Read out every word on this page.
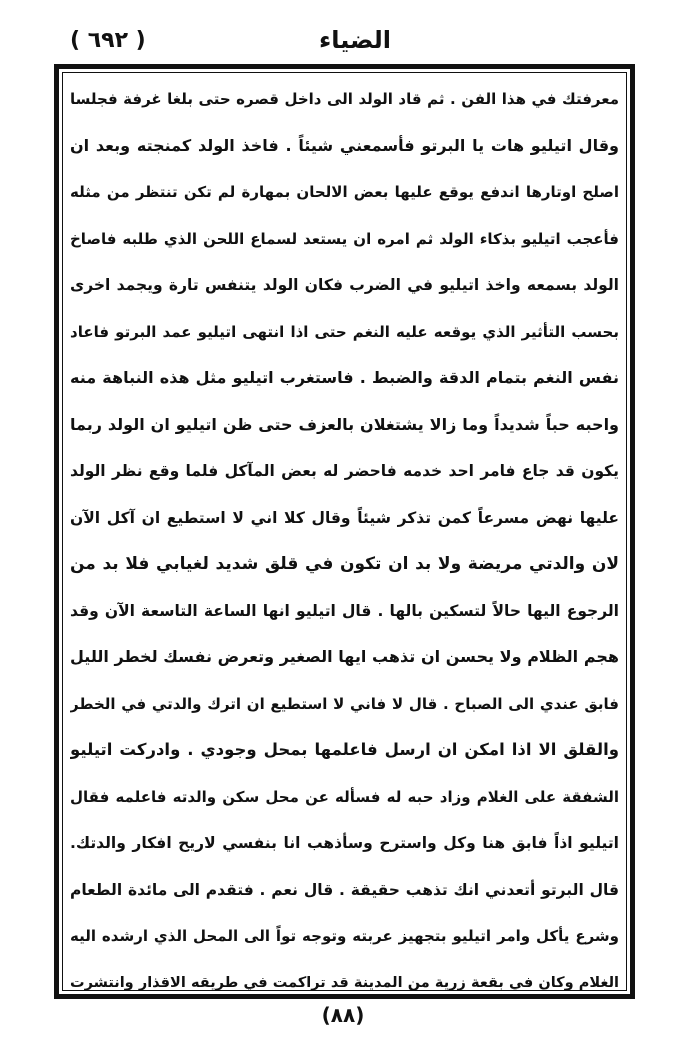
( ٦٩٢ )	الضياء
معرفتك في هذا الفن . ثم قاد الولد الى داخل قصره حتى بلغا غرفة فجلسا
وقال اتيليو هات يا البرتو فأسمعني شيئاً . فاخذ الولد كمنجته وبعد ان
اصلح اوتارها اندفع يوقع عليها بعض الالحان بمهارة لم تكن تنتظر من مثله
فأعجب اتيليو بذكاء الولد ثم امره ان يستعد لسماع اللحن الذي طلبه فاصاخ
الولد بسمعه واخذ اتيليو في الضرب فكان الولد يتنفس تارة ويجمد اخرى
بحسب التأثير الذي يوقعه عليه النغم حتى اذا انتهى اتيليو عمد البرتو فاعاد
نفس النغم بتمام الدقة والضبط . فاستغرب اتيليو مثل هذه النباهة منه
واحبه حباً شديداً وما زالا يشتغلان بالعزف حتى ظن اتيليو ان الولد ربما
يكون قد جاع فامر احد خدمه فاحضر له بعض المآكل فلما وقع نظر الولد
عليها نهض مسرعاً كمن تذكر شيئاً وقال كلا اني لا استطيع ان آكل الآن
لان والدتي مريضة ولا بد ان تكون في قلق شديد لغيابي فلا بد من
الرجوع اليها حالاً لتسكين بالها . قال اتيليو انها الساعة التاسعة الآن وقد
هجم الظلام ولا يحسن ان تذهب ايها الصغير وتعرض نفسك لخطر الليل
فابق عندي الى الصباح . قال لا فاني لا استطيع ان اترك والدتي في الخطر
والقلق الا اذا امكن ان ارسل فاعلمها بمحل وجودي . وادركت اتيليو
الشفقة على الغلام وزاد حبه له فسأله عن محل سكن والدته فاعلمه فقال
اتيليو اذاً فابق هنا وكل واسترح وسأذهب انا بنفسي لاريح افكار والدتك.
قال البرتو أتعدني انك تذهب حقيقة . قال نعم . فتقدم الى مائدة الطعام
وشرع يأكل وامر اتيليو بتجهيز عربته وتوجه تواً الى المحل الذي ارشده اليه
الغلام وكان في بقعة زرية من المدينة قد تراكمت في طريقه الاقذار وانتشرت
(٨٨)
